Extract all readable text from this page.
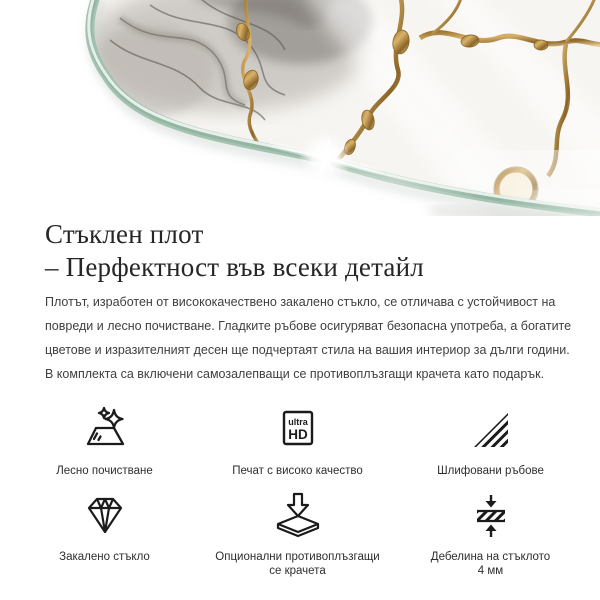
Стъклен плот
– Перфектност във всеки детайл
Плотът, изработен от висококачествено закалено стъкло, се отличава с устойчивост на
повреди и лесно почистване. Гладките ръбове осигуряват безопасна употреба, а богатите
цветове и изразителният десен ще подчертаят стила на вашия интериор за дълги години.
В комплекта са включени самозалепващи се противоплъзгащи крачета като подарък.
Лесно почистване
ultra
HD
Печат с високо качество	Шлифовани ръбове
Закалено стъкло	Опционални противоплъзгащи
се крачета
Дебелина на стъклото
4 мм
